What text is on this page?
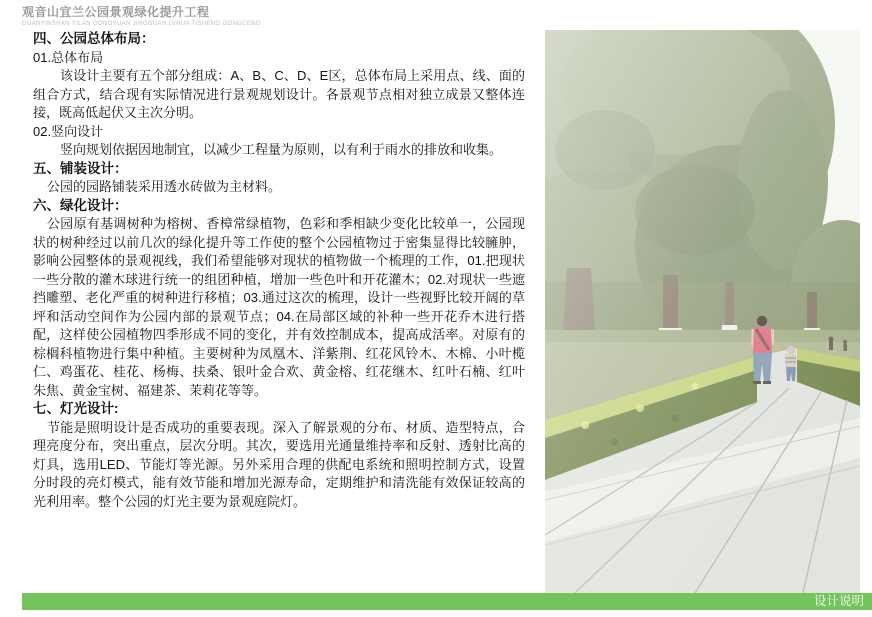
观音山宜兰公园景观绿化提升工程
GUANYINSHAN YILAN GONGYUAN JINGGUAN LVHUA TISHENG GONGCENG
四、公园总体布局：

01.总体布局

该设计主要有五个部分组成：A、B、C、D、E区，总体布局上采用点、线、面的组合方式，结合现有实际情况进行景观规划设计。各景观节点相对独立成景又整体连接，既高低起伏又主次分明。

02.竖向设计

竖向规划依据因地制宜，以减少工程量为原则，以有利于雨水的排放和收集。

五、铺装设计：

公园的园路铺装采用透水砖做为主材料。

六、绿化设计：

公园原有基调树种为榕树、香樟常绿植物，色彩和季相缺少变化比较单一，公园现状的树种经过以前几次的绿化提升等工作使的整个公园植物过于密集显得比较臃肿，影响公园整体的景观视线，我们希望能够对现状的植物做一个梳理的工作，01.把现状一些分散的灌木球进行统一的组团种植，增加一些色叶和开花灌木；02.对现状一些遮挡雕塑、老化严重的树种进行移植；03.通过这次的梳理，设计一些视野比较开阔的草坪和活动空间作为公园内部的景观节点；04.在局部区域的补种一些开花乔木进行搭配，这样使公园植物四季形成不同的变化，并有效控制成本，提高成活率。对原有的棕榈科植物进行集中种植。主要树种为凤凰木、洋紫荆、红花风铃木、木棉、小叶榄仁、鸡蛋花、桂花、杨梅、扶桑、银叶金合欢、黄金榕、红花继木、红叶石楠、红叶朱焦、黄金宝树、福建茶、茉莉花等等。

七、灯光设计:

节能是照明设计是否成功的重要表现。深入了解景观的分布、材质、造型特点，合理亮度分布，突出重点，层次分明。其次，要选用光通量维持率和反射、透射比高的灯具，选用LED、节能灯等光源。另外采用合理的供配电系统和照明控制方式，设置分时段的亮灯模式，能有效节能和增加光源寿命，定期维护和清洗能有效保证较高的光利用率。整个公园的灯光主要为景观庭院灯。

设计说明
